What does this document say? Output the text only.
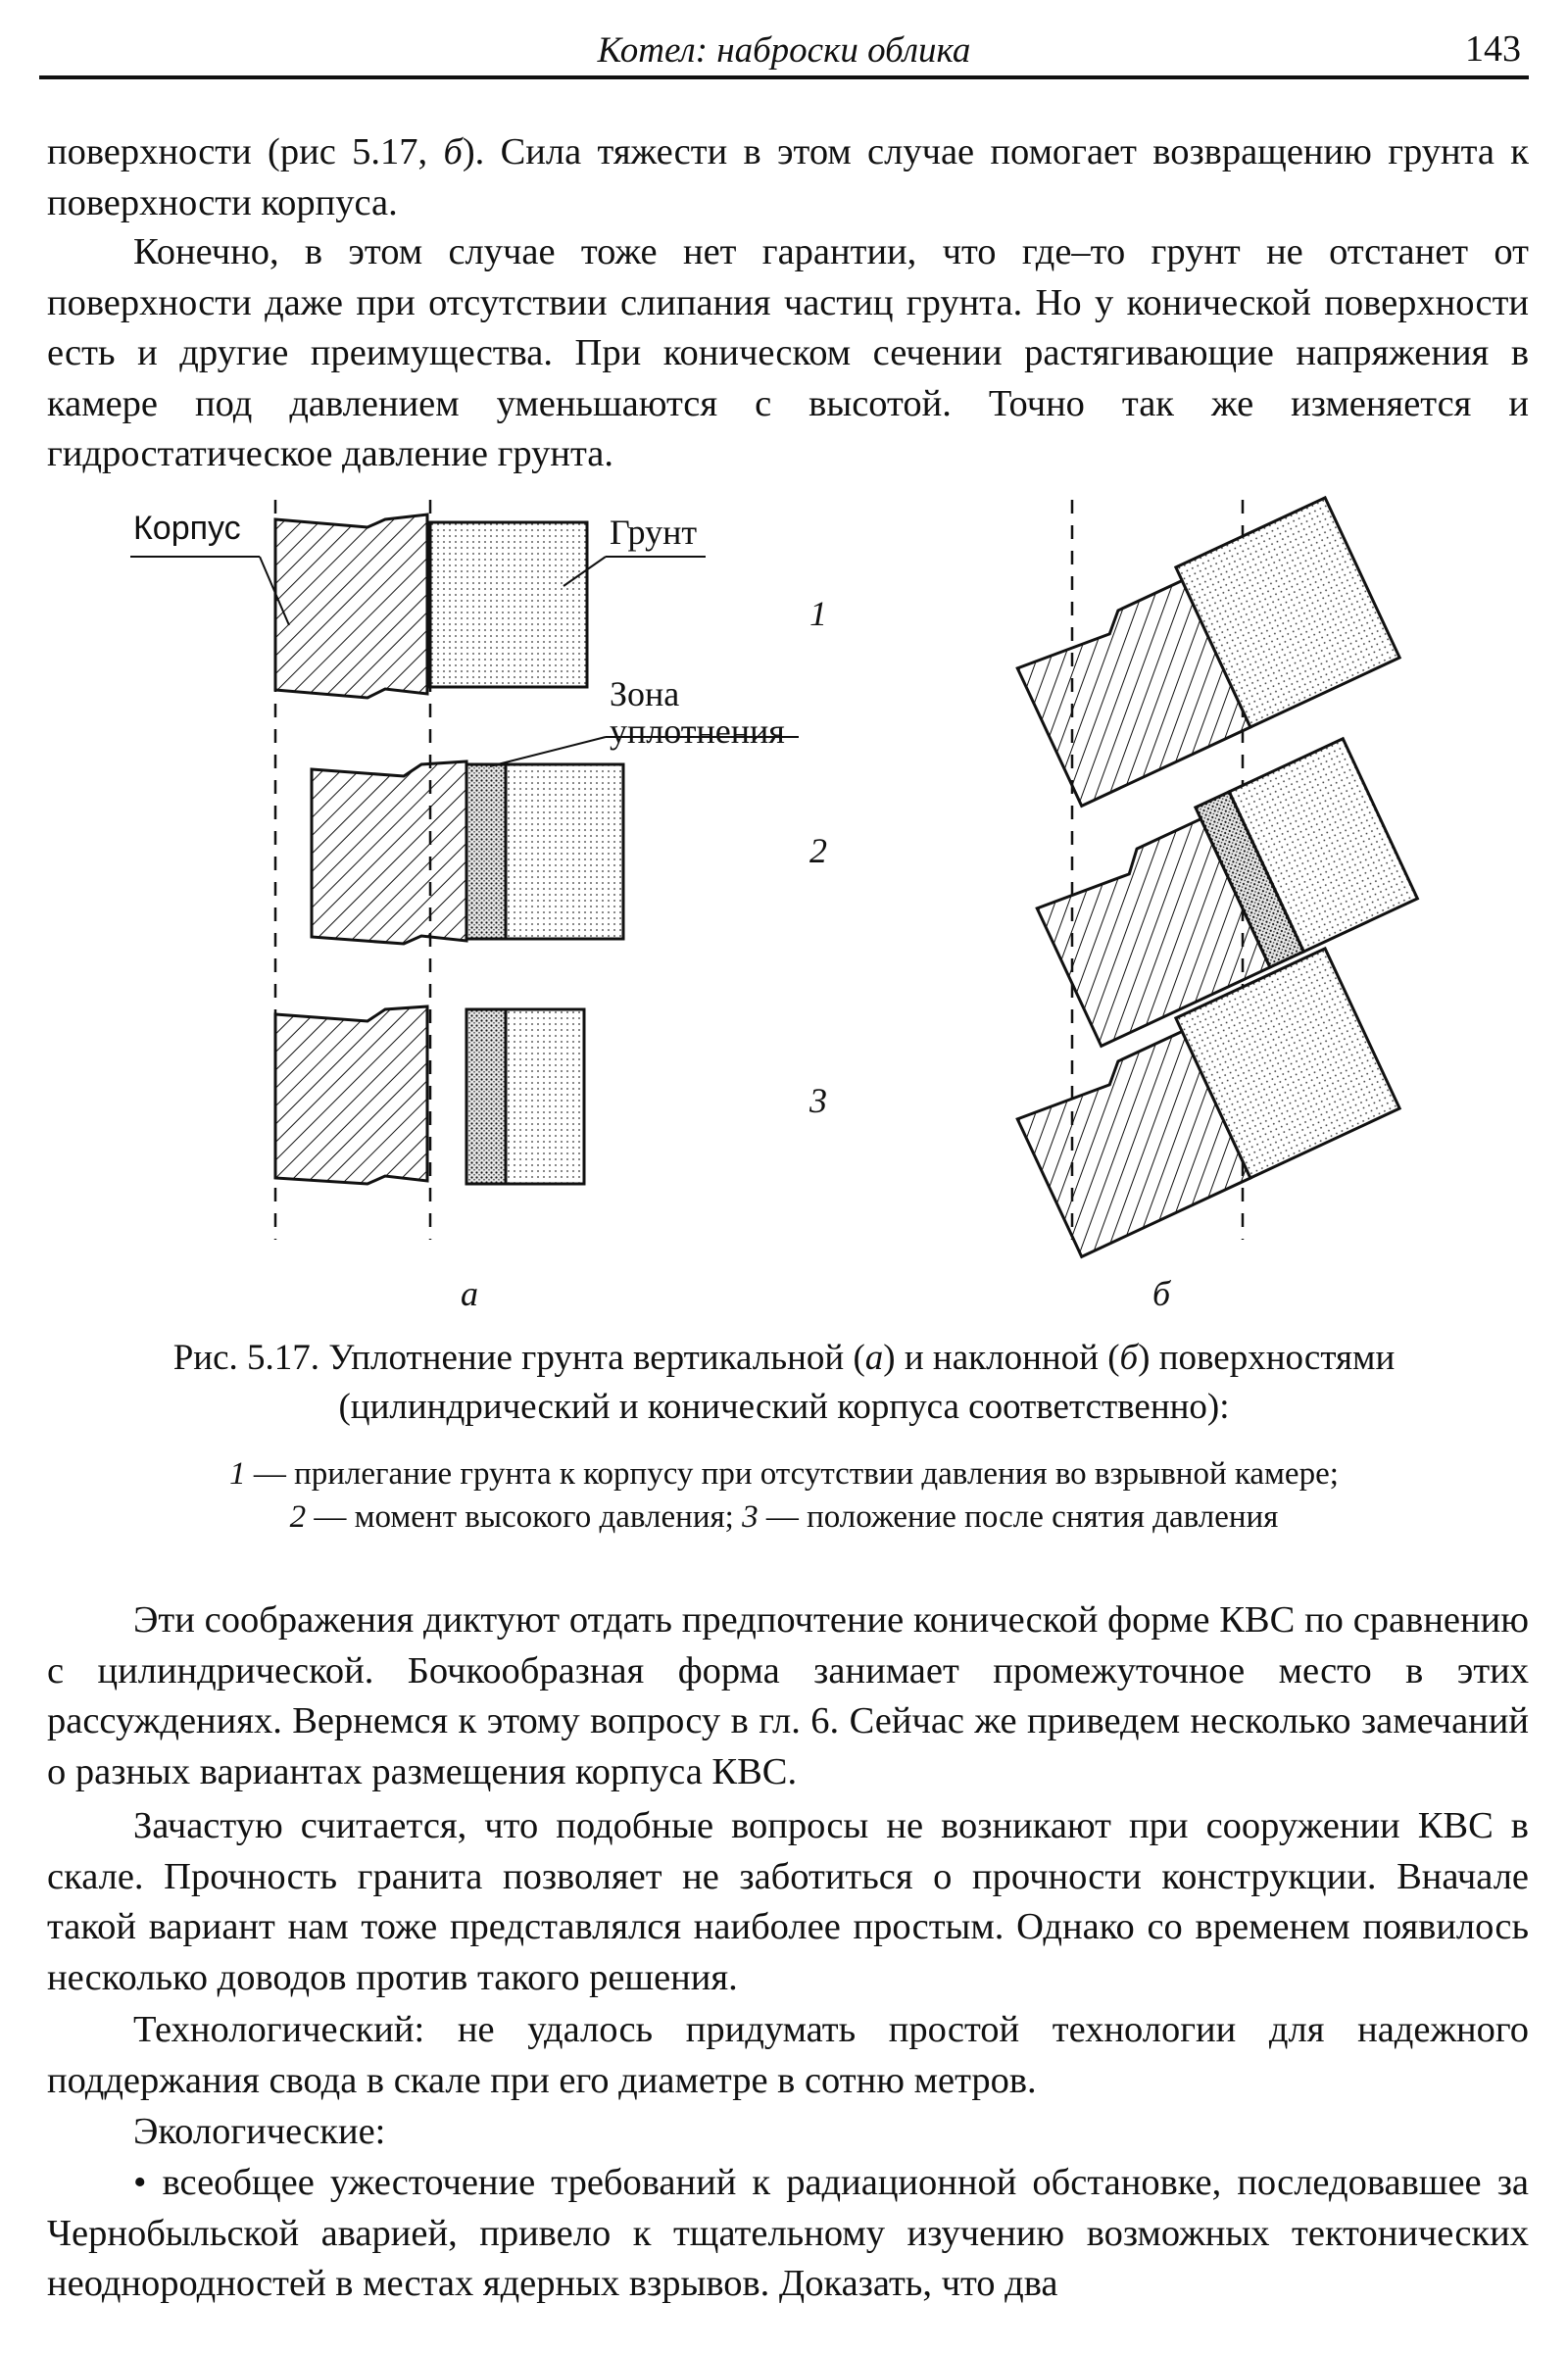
Котел: наброски облика	143

поверхности (рис 5.17, б). Сила тяжести в этом случае помогает возвращению грунта к поверхности корпуса.

Конечно, в этом случае тоже нет гарантии, что где–то грунт не отстанет от поверхности даже при отсутствии слипания частиц грунта. Но у конической поверхности есть и другие преимущества. При коническом сечении растягивающие напряжения в камере под давлением уменьшаются с высотой. Точно так же изменяется и гидростатическое давление грунта.

Корпус	Грунт
Зона
уплотнения
1
2
3
а	б

Рис. 5.17. Уплотнение грунта вертикальной (а) и наклонной (б) поверхностями

(цилиндрический и конический корпуса соответственно):

1 — прилегание грунта к корпусу при отсутствии давления во взрывной камере;

2 — момент высокого давления; 3 — положение после снятия давления

Эти соображения диктуют отдать предпочтение конической форме КВС по сравнению с цилиндрической. Бочкообразная форма занимает промежуточное место в этих рассуждениях. Вернемся к этому вопросу в гл. 6. Сейчас же приведем несколько замечаний о разных вариантах размещения корпуса КВС.

Зачастую считается, что подобные вопросы не возникают при сооружении КВС в скале. Прочность гранита позволяет не заботиться о прочности конструкции. Вначале такой вариант нам тоже представлялся наиболее простым. Однако со временем появилось несколько доводов против такого решения.

Технологический: не удалось придумать простой технологии для надежного поддержания свода в скале при его диаметре в сотню метров.

Экологические:

• всеобщее ужесточение требований к радиационной обстановке, последовавшее за Чернобыльской аварией, привело к тщательному изучению возможных тектонических неоднородностей в местах ядерных взрывов. Доказать, что два
